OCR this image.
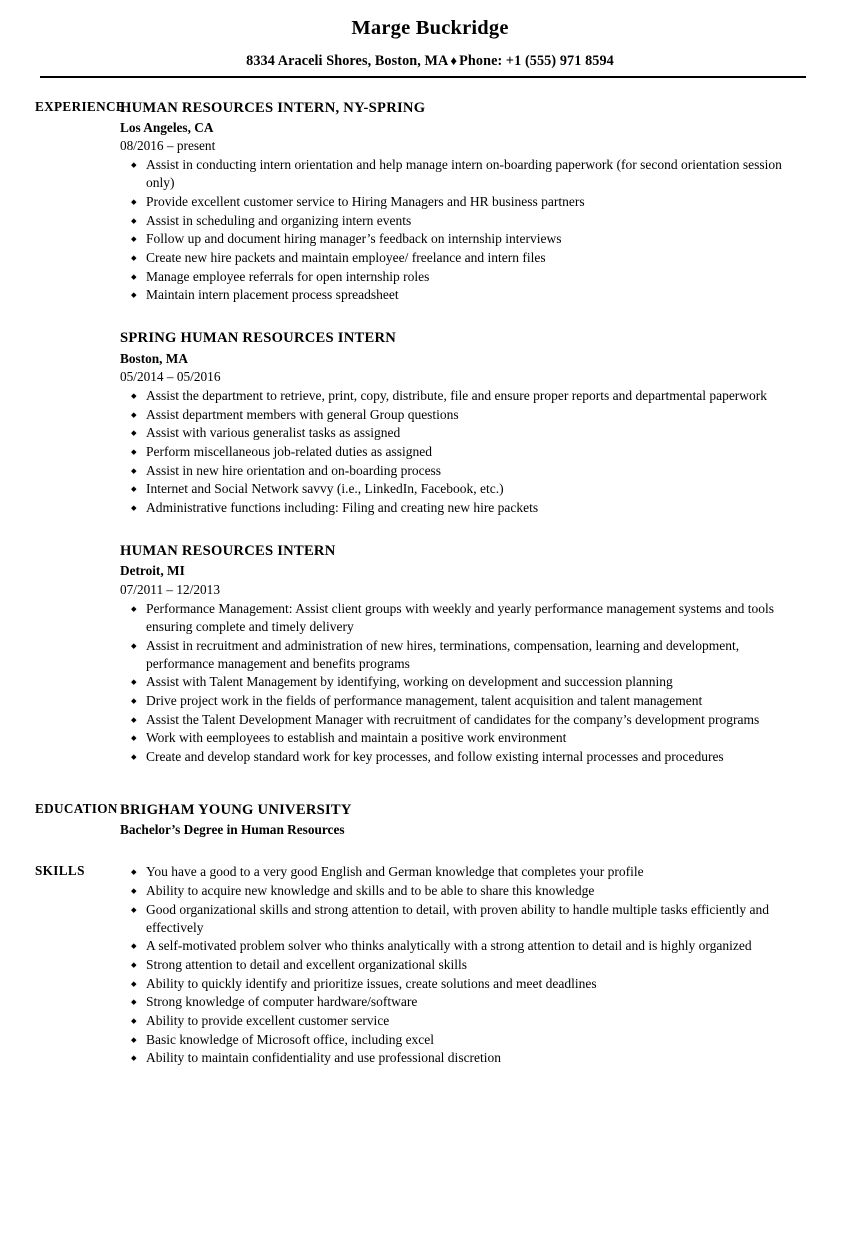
Marge Buckridge
8334 Araceli Shores, Boston, MA ♦ Phone: +1 (555) 971 8594
EXPERIENCE
HUMAN RESOURCES INTERN, NY-SPRING
Los Angeles, CA
08/2016 – present
◆ Assist in conducting intern orientation and help manage intern on-boarding paperwork (for second orientation session only)
◆ Provide excellent customer service to Hiring Managers and HR business partners
◆ Assist in scheduling and organizing intern events
◆ Follow up and document hiring manager’s feedback on internship interviews
◆ Create new hire packets and maintain employee/ freelance and intern files
◆ Manage employee referrals for open internship roles
◆ Maintain intern placement process spreadsheet
SPRING HUMAN RESOURCES INTERN
Boston, MA
05/2014 – 05/2016
◆ Assist the department to retrieve, print, copy, distribute, file and ensure proper reports and departmental paperwork
◆ Assist department members with general Group questions
◆ Assist with various generalist tasks as assigned
◆ Perform miscellaneous job-related duties as assigned
◆ Assist in new hire orientation and on-boarding process
◆ Internet and Social Network savvy (i.e., LinkedIn, Facebook, etc.)
◆ Administrative functions including: Filing and creating new hire packets
HUMAN RESOURCES INTERN
Detroit, MI
07/2011 – 12/2013
◆ Performance Management: Assist client groups with weekly and yearly performance management systems and tools ensuring complete and timely delivery
◆ Assist in recruitment and administration of new hires, terminations, compensation, learning and development, performance management and benefits programs
◆ Assist with Talent Management by identifying, working on development and succession planning
◆ Drive project work in the fields of performance management, talent acquisition and talent management
◆ Assist the Talent Development Manager with recruitment of candidates for the company’s development programs
◆ Work with eemployees to establish and maintain a positive work environment
◆ Create and develop standard work for key processes, and follow existing internal processes and procedures
EDUCATION BRIGHAM YOUNG UNIVERSITY
Bachelor’s Degree in Human Resources
SKILLS	◆ You have a good to a very good English and German knowledge that completes your profile
◆ Ability to acquire new knowledge and skills and to be able to share this knowledge
◆ Good organizational skills and strong attention to detail, with proven ability to handle multiple tasks efficiently and effectively
◆ A self-motivated problem solver who thinks analytically with a strong attention to detail and is highly organized
◆ Strong attention to detail and excellent organizational skills
◆ Ability to quickly identify and prioritize issues, create solutions and meet deadlines
◆ Strong knowledge of computer hardware/software
◆ Ability to provide excellent customer service
◆ Basic knowledge of Microsoft office, including excel
◆ Ability to maintain confidentiality and use professional discretion
